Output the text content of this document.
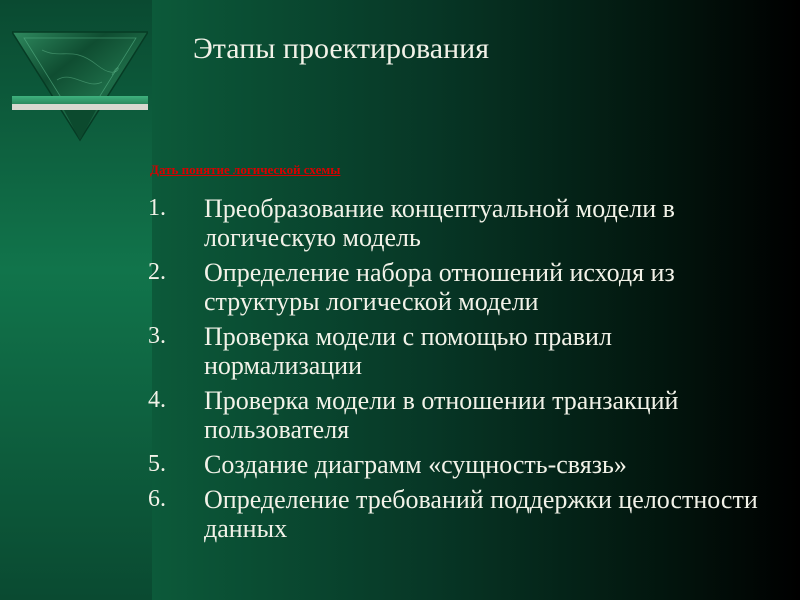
Этапы проектирования
Дать понятие логической схемы
1.	Преобразование концептуальной модели в логическую модель
2.	Определение набора отношений исходя из структуры логической модели
3.	Проверка модели с помощью правил нормализации
4.	Проверка модели в отношении транзакций пользователя
5.	Создание диаграмм «сущность-связь»
6.	Определение требований поддержки целостности данных
